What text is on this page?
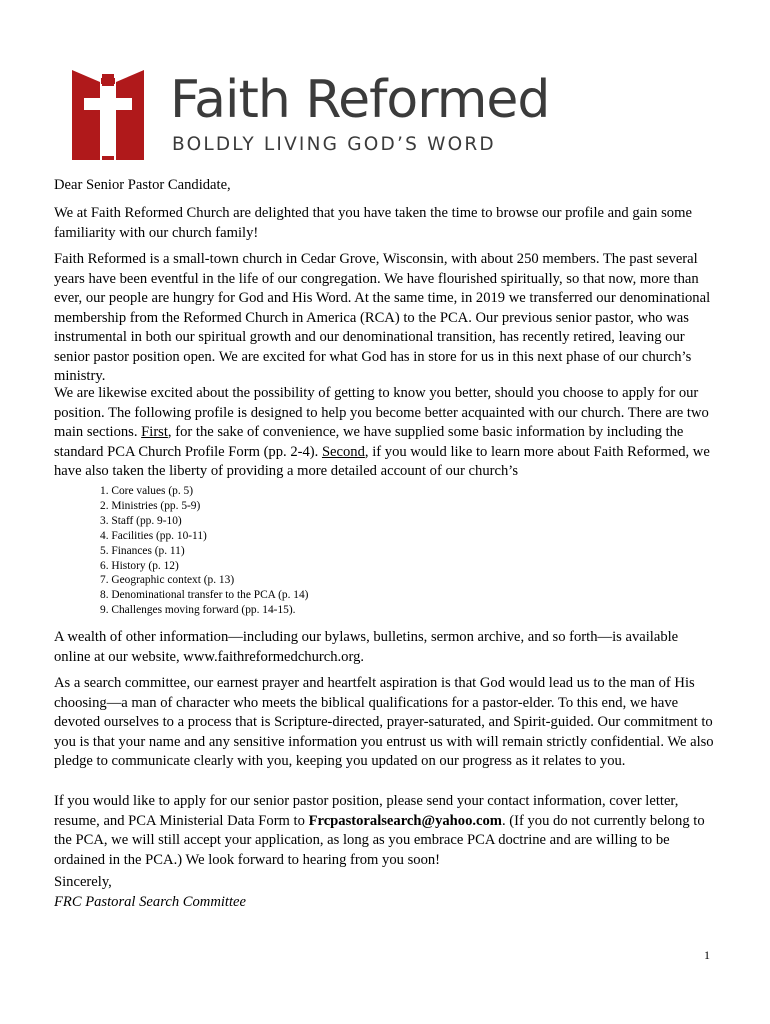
Faith Reformed
BOLDLY LIVING GOD’S WORD
Dear Senior Pastor Candidate,

We at Faith Reformed Church are delighted that you have taken the time to browse our profile and gain some familiarity with our church family!

Faith Reformed is a small-town church in Cedar Grove, Wisconsin, with about 250 members. The past several years have been eventful in the life of our congregation. We have flourished spiritually, so that now, more than ever, our people are hungry for God and His Word. At the same time, in 2019 we transferred our denominational membership from the Reformed Church in America (RCA) to the PCA. Our previous senior pastor, who was instrumental in both our spiritual growth and our denominational transition, has recently retired, leaving our senior pastor position open. We are excited for what God has in store for us in this next phase of our church’s ministry.

We are likewise excited about the possibility of getting to know you better, should you choose to apply for our position. The following profile is designed to help you become better acquainted with our church. There are two main sections. First, for the sake of convenience, we have supplied some basic information by including the standard PCA Church Profile Form (pp. 2-4). Second, if you would like to learn more about Faith Reformed, we have also taken the liberty of providing a more detailed account of our church’s

1. Core values (p. 5)
2. Ministries (pp. 5-9)
3. Staff (pp. 9-10)
4. Facilities (pp. 10-11)
5. Finances (p. 11)
6. History (p. 12)
7. Geographic context (p. 13)
8. Denominational transfer to the PCA (p. 14)
9. Challenges moving forward (pp. 14-15).

A wealth of other information—including our bylaws, bulletins, sermon archive, and so forth—is available online at our website, www.faithreformedchurch.org.

As a search committee, our earnest prayer and heartfelt aspiration is that God would lead us to the man of His choosing—a man of character who meets the biblical qualifications for a pastor-elder. To this end, we have devoted ourselves to a process that is Scripture-directed, prayer-saturated, and Spirit-guided. Our commitment to you is that your name and any sensitive information you entrust us with will remain strictly confidential. We also pledge to communicate clearly with you, keeping you updated on our progress as it relates to you.

If you would like to apply for our senior pastor position, please send your contact information, cover letter, resume, and PCA Ministerial Data Form to Frcpastoralsearch@yahoo.com. (If you do not currently belong to the PCA, we will still accept your application, as long as you embrace PCA doctrine and are willing to be ordained in the PCA.) We look forward to hearing from you soon!

Sincerely,
FRC Pastoral Search Committee
1
